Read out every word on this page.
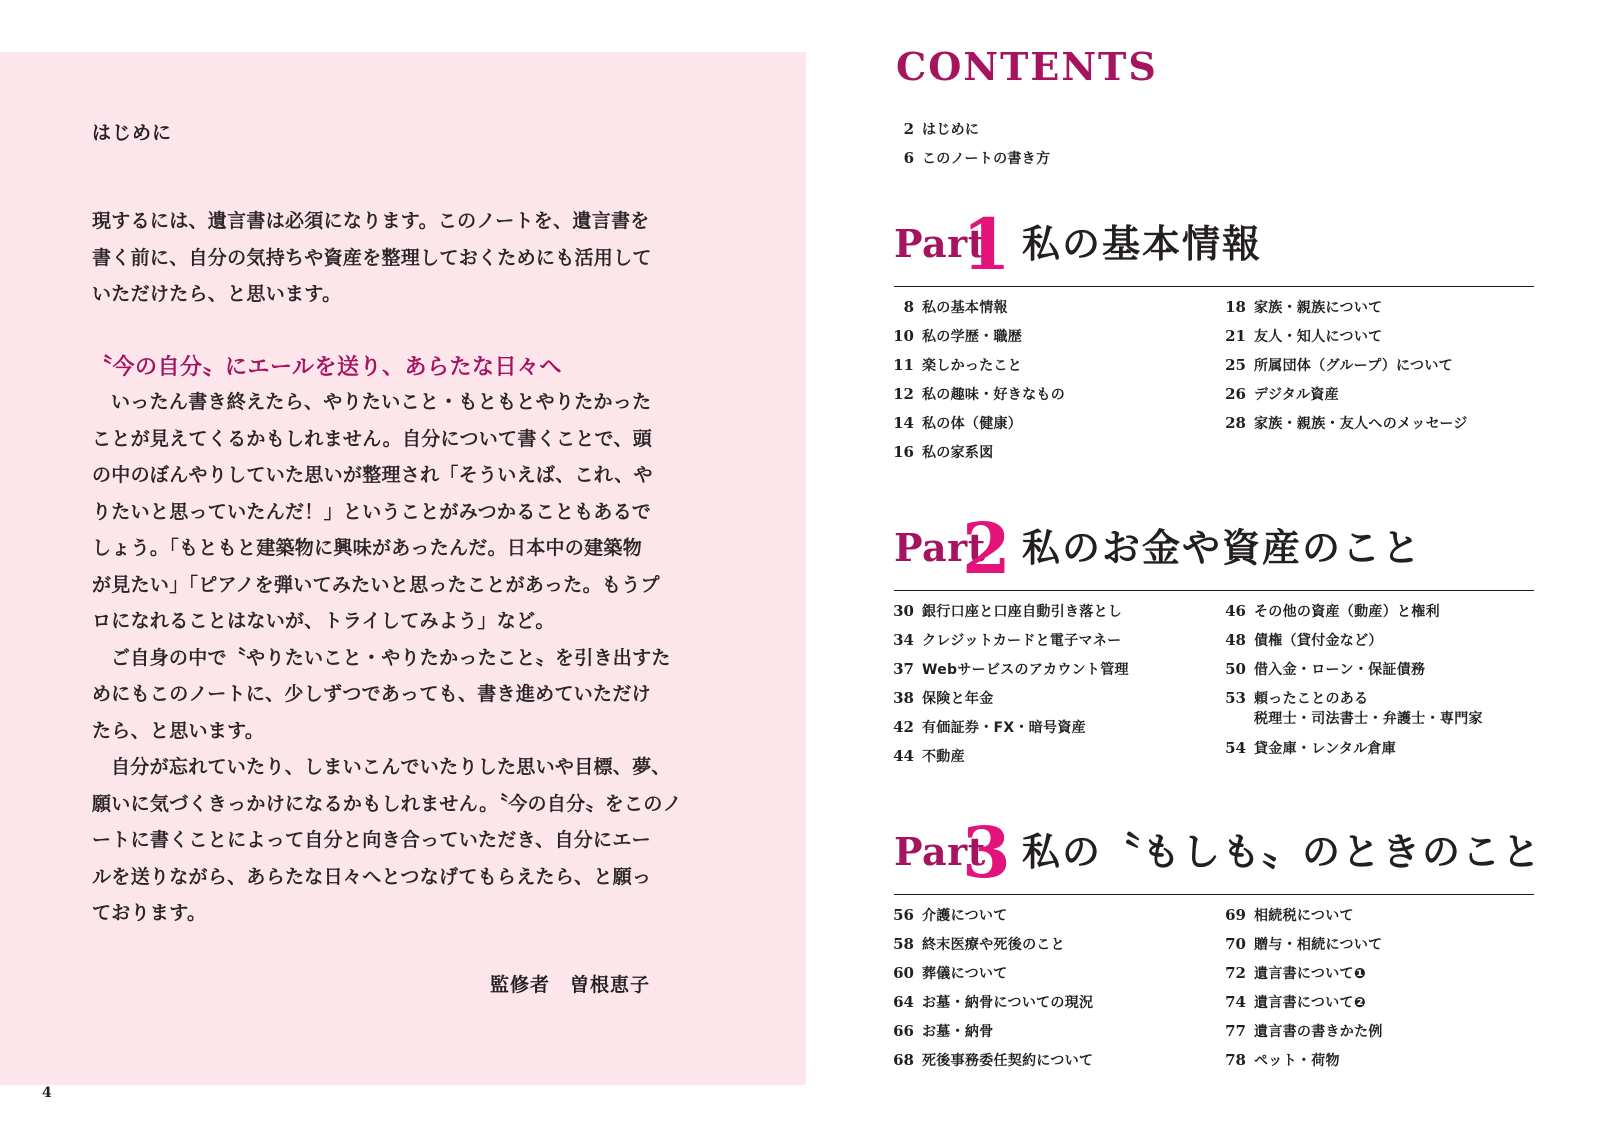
はじめに

現するには、遺言書は必須になります。このノートを、遺言書を

書く前に、自分の気持ちや資産を整理しておくためにも活用して

いただけたら、と思います。

〝今の自分〟にエールを送り、あらたな日々へ

いったん書き終えたら、やりたいこと・もともとやりたかった

ことが見えてくるかもしれません。自分について書くことで、頭

の中のぼんやりしていた思いが整理され「そういえば、これ、や

りたいと思っていたんだ！」ということがみつかることもあるで

しょう。「もともと建築物に興味があったんだ。日本中の建築物

が見たい」「ピアノを弾いてみたいと思ったことがあった。もうプ

ロになれることはないが、トライしてみよう」など。

ご自身の中で〝やりたいこと・やりたかったこと〟を引き出すた

めにもこのノートに、少しずつであっても、書き進めていただけ

たら、と思います。

自分が忘れていたり、しまいこんでいたりした思いや目標、夢、

願いに気づくきっかけになるかもしれません。〝今の自分〟をこのノ

ートに書くことによって自分と向き合っていただき、自分にエー

ルを送りながら、あらたな日々へとつなげてもらえたら、と願っ

ております。

監修者　曽根恵子
4
CONTENTS
2 はじめに
6 このノートの書き方
Part
1 私の基本情報
8 私の基本情報
10 私の学歴・職歴
11 楽しかったこと
12 私の趣味・好きなもの
14 私の体（健康）
16 私の家系図
18 家族・親族について
21 友人・知人について
25 所属団体（グループ）について
26 デジタル資産
28 家族・親族・友人へのメッセージ
Part
2 私のお金や資産のこと
30 銀行口座と口座自動引き落とし
34 クレジットカードと電子マネー
37 Webサービスのアカウント管理
38 保険と年金
42 有価証券・FX・暗号資産
44 不動産
46 その他の資産（動産）と権利
48 債権（貸付金など）
50 借入金・ローン・保証債務
53 頼ったことのある
税理士・司法書士・弁護士・専門家
54 貸金庫・レンタル倉庫
Part
3 私の〝もしも〟のときのこと
56 介護について
58 終末医療や死後のこと
60 葬儀について
64 お墓・納骨についての現況
66 お墓・納骨
68 死後事務委任契約について
69 相続税について
70 贈与・相続について
72 遺言書について❶
74 遺言書について❷
77 遺言書の書きかた例
78 ペット・荷物
